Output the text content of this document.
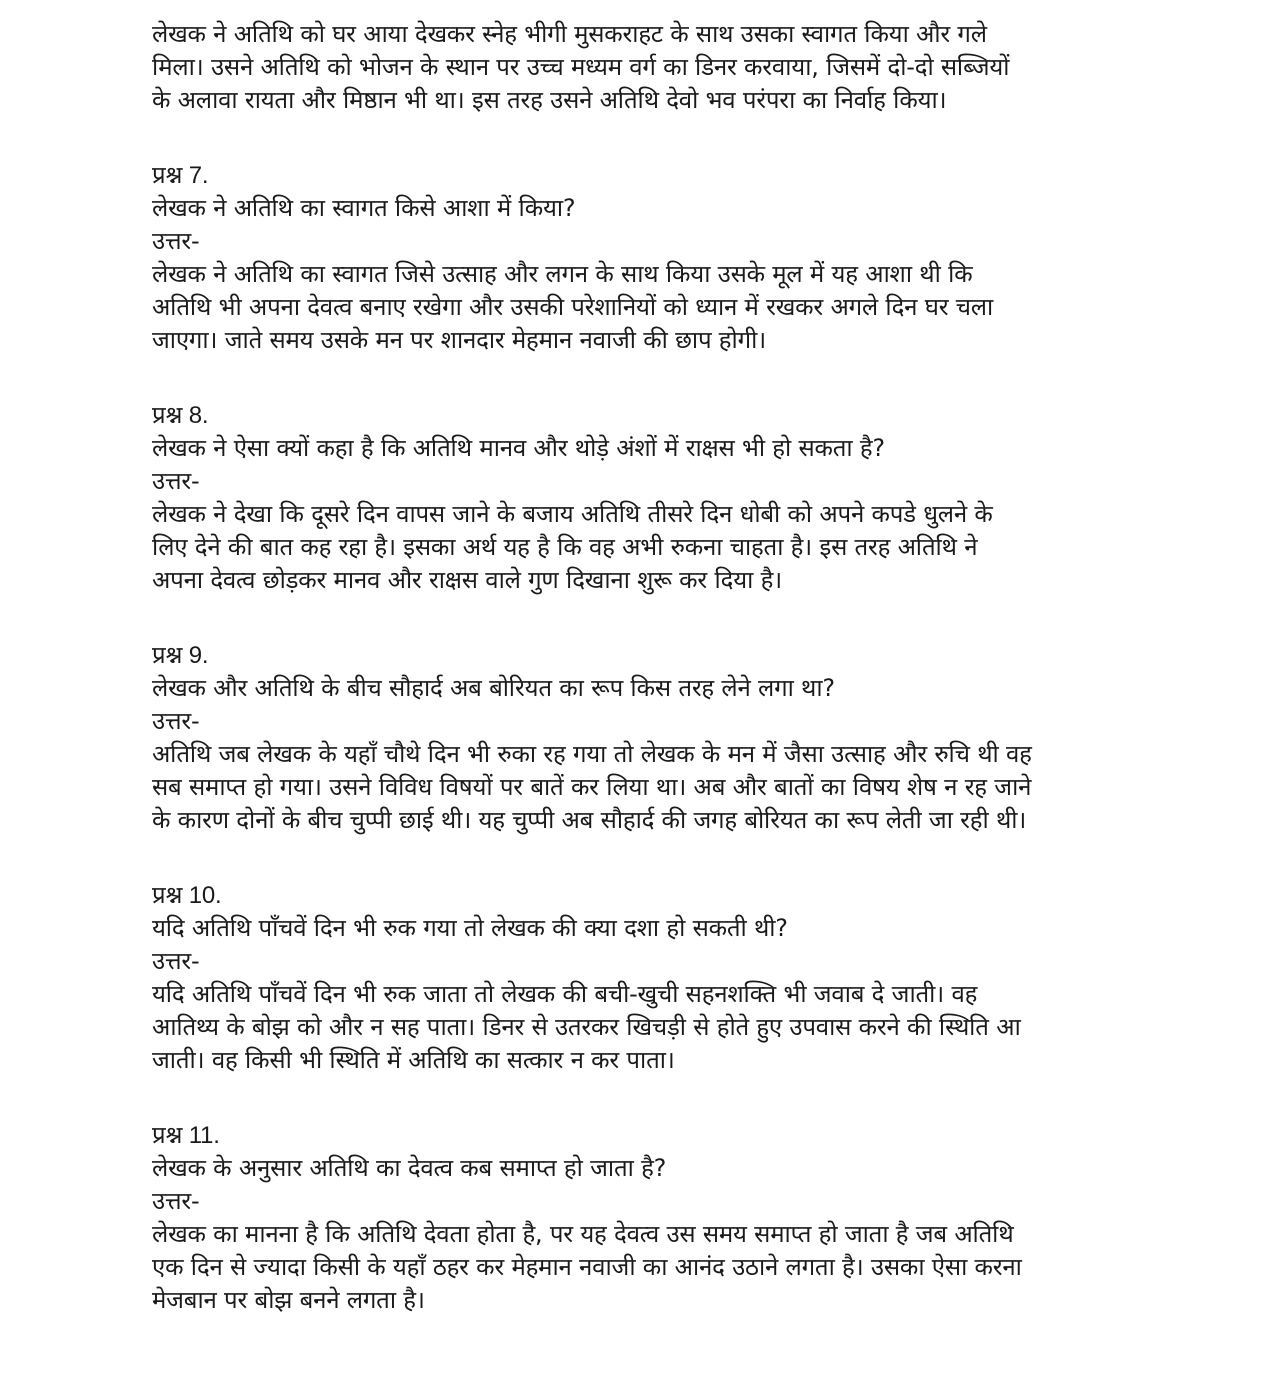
लेखक ने अतिथि को घर आया देखकर स्नेह भीगी मुसकराहट के साथ उसका स्वागत किया और गले
मिला। उसने अतिथि को भोजन के स्थान पर उच्च मध्यम वर्ग का डिनर करवाया, जिसमें दो-दो सब्जियों
के अलावा रायता और मिष्ठान भी था। इस तरह उसने अतिथि देवो भव परंपरा का निर्वाह किया।
प्रश्न 7.
लेखक ने अतिथि का स्वागत किसे आशा में किया?
उत्तर-
लेखक ने अतिथि का स्वागत जिसे उत्साह और लगन के साथ किया उसके मूल में यह आशा थी कि
अतिथि भी अपना देवत्व बनाए रखेगा और उसकी परेशानियों को ध्यान में रखकर अगले दिन घर चला
जाएगा। जाते समय उसके मन पर शानदार मेहमान नवाजी की छाप होगी।
प्रश्न 8.
लेखक ने ऐसा क्यों कहा है कि अतिथि मानव और थोड़े अंशों में राक्षस भी हो सकता है?
उत्तर-
लेखक ने देखा कि दूसरे दिन वापस जाने के बजाय अतिथि तीसरे दिन धोबी को अपने कपडे धुलने के
लिए देने की बात कह रहा है। इसका अर्थ यह है कि वह अभी रुकना चाहता है। इस तरह अतिथि ने
अपना देवत्व छोड़कर मानव और राक्षस वाले गुण दिखाना शुरू कर दिया है।
प्रश्न 9.
लेखक और अतिथि के बीच सौहार्द अब बोरियत का रूप किस तरह लेने लगा था?
उत्तर-
अतिथि जब लेखक के यहाँ चौथे दिन भी रुका रह गया तो लेखक के मन में जैसा उत्साह और रुचि थी वह
सब समाप्त हो गया। उसने विविध विषयों पर बातें कर लिया था। अब और बातों का विषय शेष न रह जाने
के कारण दोनों के बीच चुप्पी छाई थी। यह चुप्पी अब सौहार्द की जगह बोरियत का रूप लेती जा रही थी।
प्रश्न 10.
यदि अतिथि पाँचवें दिन भी रुक गया तो लेखक की क्या दशा हो सकती थी?
उत्तर-
यदि अतिथि पाँचवें दिन भी रुक जाता तो लेखक की बची-खुची सहनशक्ति भी जवाब दे जाती। वह
आतिथ्य के बोझ को और न सह पाता। डिनर से उतरकर खिचड़ी से होते हुए उपवास करने की स्थिति आ
जाती। वह किसी भी स्थिति में अतिथि का सत्कार न कर पाता।
प्रश्न 11.
लेखक के अनुसार अतिथि का देवत्व कब समाप्त हो जाता है?
उत्तर-
लेखक का मानना है कि अतिथि देवता होता है, पर यह देवत्व उस समय समाप्त हो जाता है जब अतिथि
एक दिन से ज्यादा किसी के यहाँ ठहर कर मेहमान नवाजी का आनंद उठाने लगता है। उसका ऐसा करना
मेजबान पर बोझ बनने लगता है।
